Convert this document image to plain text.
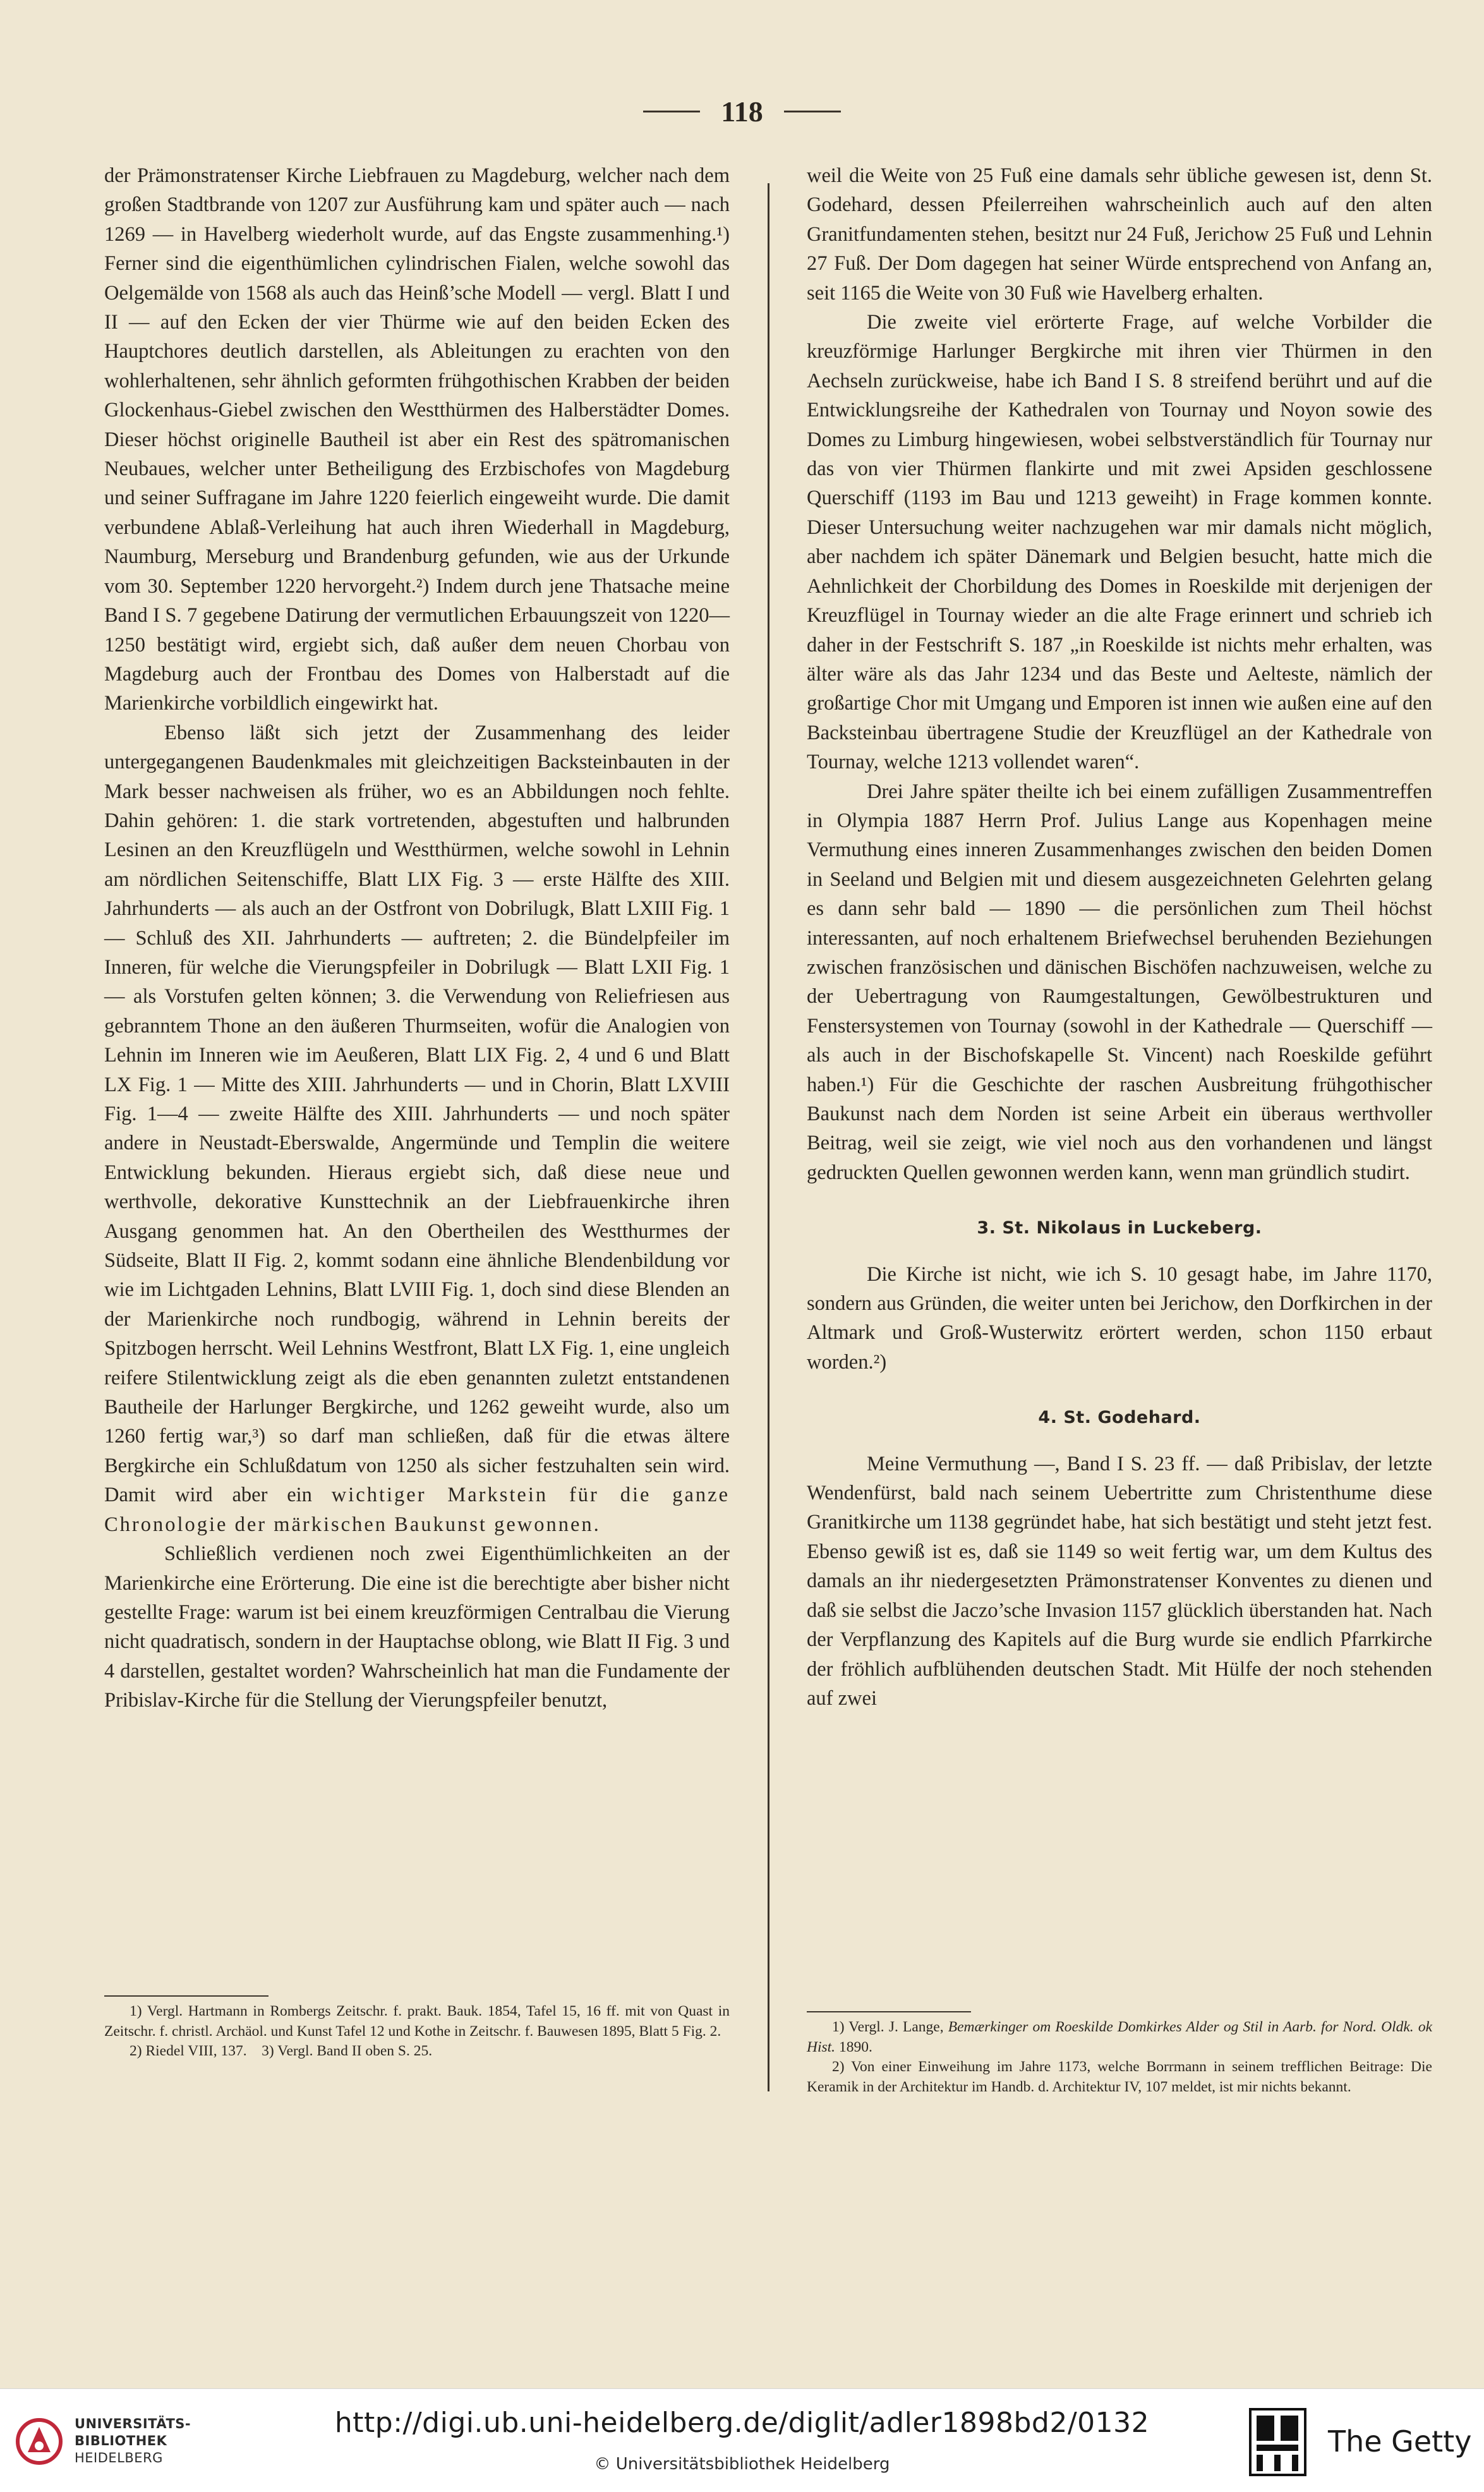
118

der Prämonstratenser Kirche Liebfrauen zu Magdeburg, welcher nach dem großen Stadtbrande von 1207 zur Ausführung kam und später auch — nach 1269 — in Havelberg wiederholt wurde, auf das Engste zusammenhing.¹) Ferner sind die eigenthümlichen cylindrischen Fialen, welche sowohl das Oelgemälde von 1568 als auch das Heinß’sche Modell — vergl. Blatt I und II — auf den Ecken der vier Thürme wie auf den beiden Ecken des Hauptchores deutlich darstellen, als Ableitungen zu erachten von den wohlerhaltenen, sehr ähnlich geformten frühgothischen Krabben der beiden Glockenhaus-Giebel zwischen den Westthürmen des Halberstädter Domes. Dieser höchst originelle Bautheil ist aber ein Rest des spätromanischen Neubaues, welcher unter Betheiligung des Erzbischofes von Magdeburg und seiner Suffragane im Jahre 1220 feierlich eingeweiht wurde. Die damit verbundene Ablaß-Verleihung hat auch ihren Wiederhall in Magdeburg, Naumburg, Merseburg und Brandenburg gefunden, wie aus der Urkunde vom 30. September 1220 hervorgeht.²) Indem durch jene Thatsache meine Band I S. 7 gegebene Datirung der vermutlichen Erbauungszeit von 1220—1250 bestätigt wird, ergiebt sich, daß außer dem neuen Chorbau von Magdeburg auch der Frontbau des Domes von Halberstadt auf die Marienkirche vorbildlich eingewirkt hat.

Ebenso läßt sich jetzt der Zusammenhang des leider untergegangenen Baudenkmales mit gleichzeitigen Backsteinbauten in der Mark besser nachweisen als früher, wo es an Abbildungen noch fehlte. Dahin gehören: 1. die stark vortretenden, abgestuften und halbrunden Lesinen an den Kreuzflügeln und Westthürmen, welche sowohl in Lehnin am nördlichen Seitenschiffe, Blatt LIX Fig. 3 — erste Hälfte des XIII. Jahrhunderts — als auch an der Ostfront von Dobrilugk, Blatt LXIII Fig. 1 — Schluß des XII. Jahrhunderts — auftreten; 2. die Bündelpfeiler im Inneren, für welche die Vierungspfeiler in Dobrilugk — Blatt LXII Fig. 1 — als Vorstufen gelten können; 3. die Verwendung von Reliefriesen aus gebranntem Thone an den äußeren Thurmseiten, wofür die Analogien von Lehnin im Inneren wie im Aeußeren, Blatt LIX Fig. 2, 4 und 6 und Blatt LX Fig. 1 — Mitte des XIII. Jahrhunderts — und in Chorin, Blatt LXVIII Fig. 1—4 — zweite Hälfte des XIII. Jahrhunderts — und noch später andere in Neustadt-Eberswalde, Angermünde und Templin die weitere Entwicklung bekunden. Hieraus ergiebt sich, daß diese neue und werthvolle, dekorative Kunsttechnik an der Liebfrauenkirche ihren Ausgang genommen hat. An den Obertheilen des Westthurmes der Südseite, Blatt II Fig. 2, kommt sodann eine ähnliche Blendenbildung vor wie im Lichtgaden Lehnins, Blatt LVIII Fig. 1, doch sind diese Blenden an der Marienkirche noch rundbogig, während in Lehnin bereits der Spitzbogen herrscht. Weil Lehnins Westfront, Blatt LX Fig. 1, eine ungleich reifere Stilentwicklung zeigt als die eben genannten zuletzt entstandenen Bautheile der Harlunger Bergkirche, und 1262 geweiht wurde, also um 1260 fertig war,³) so darf man schließen, daß für die etwas ältere Bergkirche ein Schlußdatum von 1250 als sicher festzuhalten sein wird. Damit wird aber ein wichtiger Markstein für die ganze Chronologie der märkischen Baukunst gewonnen.

Schließlich verdienen noch zwei Eigenthümlichkeiten an der Marienkirche eine Erörterung. Die eine ist die berechtigte aber bisher nicht gestellte Frage: warum ist bei einem kreuzförmigen Centralbau die Vierung nicht quadratisch, sondern in der Hauptachse oblong, wie Blatt II Fig. 3 und 4 darstellen, gestaltet worden? Wahrscheinlich hat man die Fundamente der Pribislav-Kirche für die Stellung der Vierungspfeiler benutzt,

weil die Weite von 25 Fuß eine damals sehr übliche gewesen ist, denn St. Godehard, dessen Pfeilerreihen wahrscheinlich auch auf den alten Granitfundamenten stehen, besitzt nur 24 Fuß, Jerichow 25 Fuß und Lehnin 27 Fuß. Der Dom dagegen hat seiner Würde entsprechend von Anfang an, seit 1165 die Weite von 30 Fuß wie Havelberg erhalten.

Die zweite viel erörterte Frage, auf welche Vorbilder die kreuzförmige Harlunger Bergkirche mit ihren vier Thürmen in den Aechseln zurückweise, habe ich Band I S. 8 streifend berührt und auf die Entwicklungsreihe der Kathedralen von Tournay und Noyon sowie des Domes zu Limburg hingewiesen, wobei selbstverständlich für Tournay nur das von vier Thürmen flankirte und mit zwei Apsiden geschlossene Querschiff (1193 im Bau und 1213 geweiht) in Frage kommen konnte. Dieser Untersuchung weiter nachzugehen war mir damals nicht möglich, aber nachdem ich später Dänemark und Belgien besucht, hatte mich die Aehnlichkeit der Chorbildung des Domes in Roeskilde mit derjenigen der Kreuzflügel in Tournay wieder an die alte Frage erinnert und schrieb ich daher in der Festschrift S. 187 „in Roeskilde ist nichts mehr erhalten, was älter wäre als das Jahr 1234 und das Beste und Aelteste, nämlich der großartige Chor mit Umgang und Emporen ist innen wie außen eine auf den Backsteinbau übertragene Studie der Kreuzflügel an der Kathedrale von Tournay, welche 1213 vollendet waren“.

Drei Jahre später theilte ich bei einem zufälligen Zusammentreffen in Olympia 1887 Herrn Prof. Julius Lange aus Kopenhagen meine Vermuthung eines inneren Zusammenhanges zwischen den beiden Domen in Seeland und Belgien mit und diesem ausgezeichneten Gelehrten gelang es dann sehr bald — 1890 — die persönlichen zum Theil höchst interessanten, auf noch erhaltenem Briefwechsel beruhenden Beziehungen zwischen französischen und dänischen Bischöfen nachzuweisen, welche zu der Uebertragung von Raumgestaltungen, Gewölbestrukturen und Fenstersystemen von Tournay (sowohl in der Kathedrale — Querschiff — als auch in der Bischofskapelle St. Vincent) nach Roeskilde geführt haben.¹) Für die Geschichte der raschen Ausbreitung frühgothischer Baukunst nach dem Norden ist seine Arbeit ein überaus werthvoller Beitrag, weil sie zeigt, wie viel noch aus den vorhandenen und längst gedruckten Quellen gewonnen werden kann, wenn man gründlich studirt.

3. St. Nikolaus in Luckeberg.

Die Kirche ist nicht, wie ich S. 10 gesagt habe, im Jahre 1170, sondern aus Gründen, die weiter unten bei Jerichow, den Dorfkirchen in der Altmark und Groß-Wusterwitz erörtert werden, schon 1150 erbaut worden.²)

4. St. Godehard.

Meine Vermuthung —, Band I S. 23 ff. — daß Pribislav, der letzte Wendenfürst, bald nach seinem Uebertritte zum Christenthume diese Granitkirche um 1138 gegründet habe, hat sich bestätigt und steht jetzt fest. Ebenso gewiß ist es, daß sie 1149 so weit fertig war, um dem Kultus des damals an ihr niedergesetzten Prämonstratenser Konventes zu dienen und daß sie selbst die Jaczo’sche Invasion 1157 glücklich überstanden hat. Nach der Verpflanzung des Kapitels auf die Burg wurde sie endlich Pfarrkirche der fröhlich aufblühenden deutschen Stadt. Mit Hülfe der noch stehenden auf zwei

1) Vergl. Hartmann in Rombergs Zeitschr. f. prakt. Bauk. 1854, Tafel 15, 16 ff. mit von Quast in Zeitschr. f. christl. Archäol. und Kunst Tafel 12 und Kothe in Zeitschr. f. Bauwesen 1895, Blatt 5 Fig. 2.

2) Riedel VIII, 137.    3) Vergl. Band II oben S. 25.

1) Vergl. J. Lange, Bemærkinger om Roeskilde Domkirkes Alder og Stil in Aarb. for Nord. Oldk. ok Hist. 1890.

2) Von einer Einweihung im Jahre 1173, welche Borrmann in seinem trefflichen Beitrage: Die Keramik in der Architektur im Handb. d. Architektur IV, 107 meldet, ist mir nichts bekannt.

UNIVERSITÄTS-
BIBLIOTHEK
HEIDELBERG
http://digi.ub.uni-heidelberg.de/diglit/adler1898bd2/0132
© Universitätsbibliothek Heidelberg
The Getty
